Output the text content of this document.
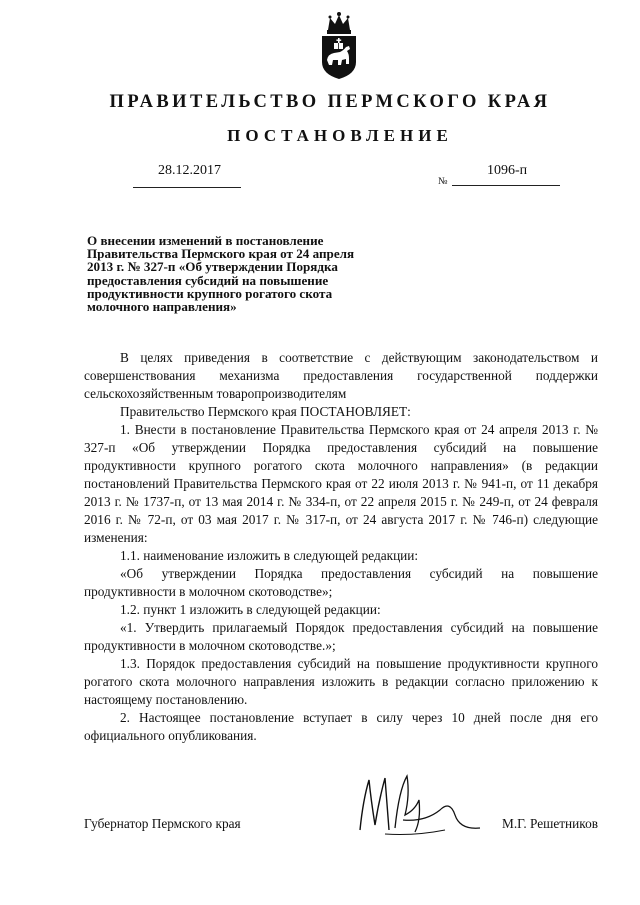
ПРАВИТЕЛЬСТВО ПЕРМСКОГО КРАЯ
ПОСТАНОВЛЕНИЕ
28.12.2017
№
1096-п
О внесении изменений в постановление
Правительства Пермского края от 24 апреля
2013 г. № 327-п «Об утверждении Порядка
предоставления субсидий на повышение
продуктивности крупного рогатого скота
молочного направления»

В целях приведения в соответствие с действующим законодательством и совершенствования механизма предоставления государственной поддержки сельскохозяйственным товаропроизводителям

Правительство Пермского края ПОСТАНОВЛЯЕТ:

1. Внести в постановление Правительства Пермского края от 24 апреля 2013 г. № 327-п «Об утверждении Порядка предоставления субсидий на повышение продуктивности крупного рогатого скота молочного направления» (в редакции постановлений Правительства Пермского края от 22 июля 2013 г. № 941-п, от 11 декабря 2013 г. № 1737-п, от 13 мая 2014 г. № 334-п, от 22 апреля 2015 г. № 249-п, от 24 февраля 2016 г. № 72-п, от 03 мая 2017 г. № 317-п, от 24 августа 2017 г. № 746-п) следующие изменения:

1.1. наименование изложить в следующей редакции:

«Об утверждении Порядка предоставления субсидий на повышение продуктивности в молочном скотоводстве»;

1.2. пункт 1 изложить в следующей редакции:

«1. Утвердить прилагаемый Порядок предоставления субсидий на повышение продуктивности в молочном скотоводстве.»;

1.3. Порядок предоставления субсидий на повышение продуктивности крупного рогатого скота молочного направления изложить в редакции согласно приложению к настоящему постановлению.

2. Настоящее постановление вступает в силу через 10 дней после дня его официального опубликования.

Губернатор Пермского края	М.Г. Решетников
